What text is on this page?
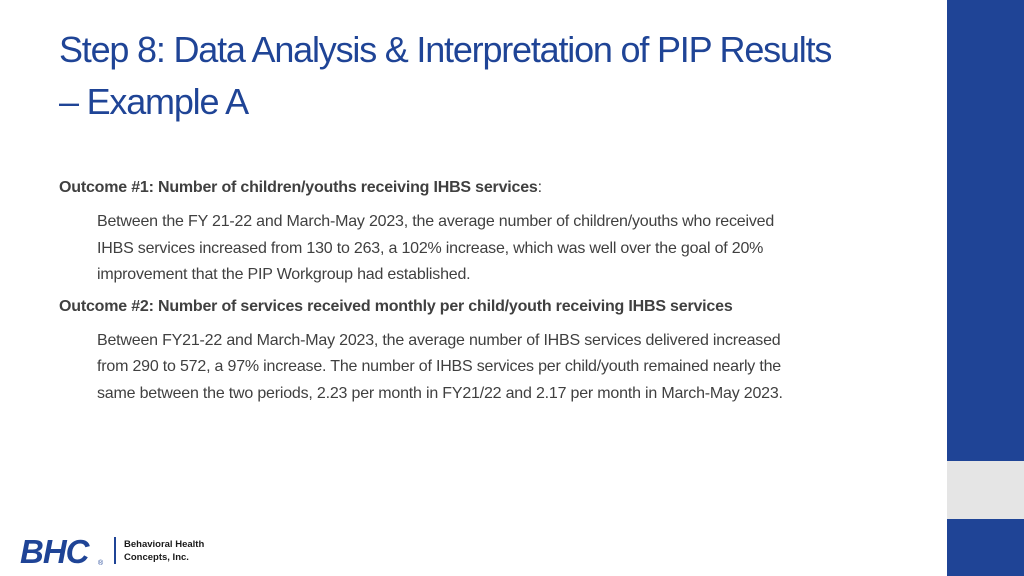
Step 8: Data Analysis & Interpretation of PIP Results
– Example A

Outcome #1: Number of children/youths receiving IHBS services:

Between the FY 21-22 and March-May 2023, the average number of children/youths who received
IHBS services increased from 130 to 263, a 102% increase, which was well over the goal of 20%
improvement that the PIP Workgroup had established.

Outcome #2: Number of services received monthly per child/youth receiving IHBS services

Between FY21-22 and March-May 2023, the average number of IHBS services delivered increased
from 290 to 572, a 97% increase. The number of IHBS services per child/youth remained nearly the
same between the two periods, 2.23 per month in FY21/22 and 2.17 per month in March-May 2023.

BHC	®
Behavioral Health
Concepts, Inc.
